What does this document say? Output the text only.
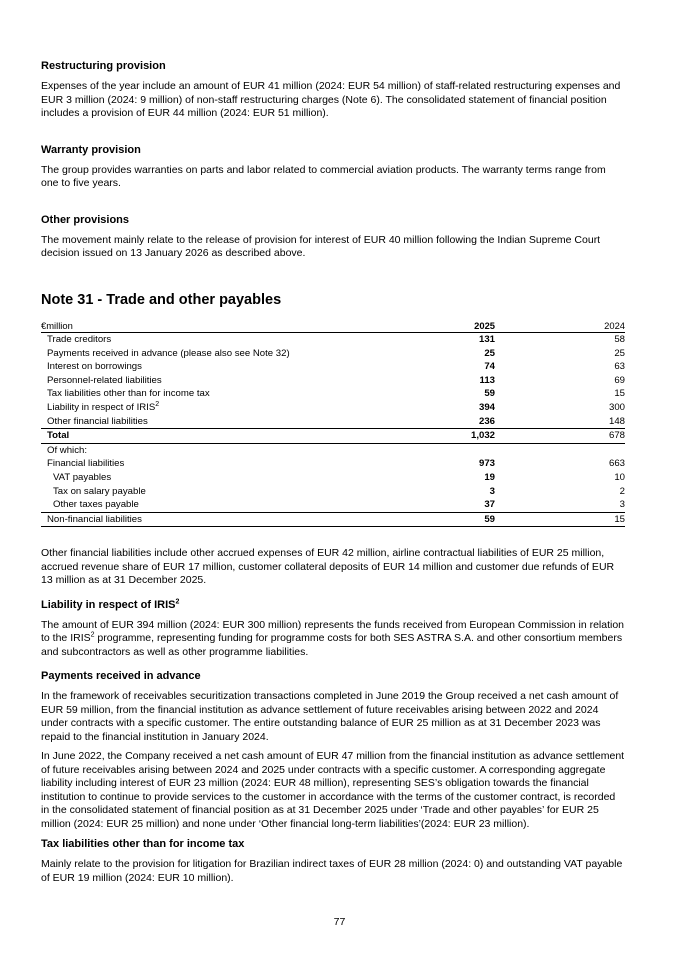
Restructuring provision

Expenses of the year include an amount of EUR 41 million (2024: EUR 54 million) of staff-related restructuring expenses and EUR 3 million (2024: 9 million) of non-staff restructuring charges (Note 6). The consolidated statement of financial position includes a provision of EUR 44 million (2024: EUR 51 million).

Warranty provision

The group provides warranties on parts and labor related to commercial aviation products. The warranty terms range from one to five years.

Other provisions

The movement mainly relate to the release of provision for interest of EUR 40 million following the Indian Supreme Court decision issued on 13 January 2026 as described above.

Note 31 - Trade and other payables
€million	2025	2024
Trade creditors	131	58
Payments received in advance (please also see Note 32)	25	25
Interest on borrowings	74	63
Personnel-related liabilities	113	69
Tax liabilities other than for income tax	59	15
Liability in respect of IRIS$^2$	394	300
Other financial liabilities	236	148
Total	1,032	678
Of which:		
Financial liabilities	973	663
VAT payables	19	10
Tax on salary payable	3	2
Other taxes payable	37	3
Non-financial liabilities	59	15

Other financial liabilities include other accrued expenses of EUR 42 million, airline contractual liabilities of EUR 25 million, accrued revenue share of EUR 17 million, customer collateral deposits of EUR 14 million and customer due refunds of EUR 13 million as at 31 December 2025.

Liability in respect of IRIS$^2$

The amount of EUR 394 million (2024: EUR 300 million) represents the funds received from European Commission in relation to the IRIS$^2$ programme, representing funding for programme costs for both SES ASTRA S.A. and other consortium members and subcontractors as well as other programme liabilities.

Payments received in advance

In the framework of receivables securitization transactions completed in June 2019 the Group received a net cash amount of EUR 59 million, from the financial institution as advance settlement of future receivables arising between 2022 and 2024 under contracts with a specific customer. The entire outstanding balance of EUR 25 million as at 31 December 2023 was repaid to the financial institution in January 2024.

In June 2022, the Company received a net cash amount of EUR 47 million from the financial institution as advance settlement of future receivables arising between 2024 and 2025 under contracts with a specific customer. A corresponding aggregate liability including interest of EUR 23 million (2024: EUR 48 million), representing SES’s obligation towards the financial institution to continue to provide services to the customer in accordance with the terms of the customer contract, is recorded in the consolidated statement of financial position as at 31 December 2025 under ‘Trade and other payables’ for EUR 25 million (2024: EUR 25 million) and none under ‘Other financial long-term liabilities’(2024: EUR 23 million).

Tax liabilities other than for income tax

Mainly relate to the provision for litigation for Brazilian indirect taxes of EUR 28 million (2024: 0) and outstanding VAT payable of EUR 19 million (2024: EUR 10 million).

77
